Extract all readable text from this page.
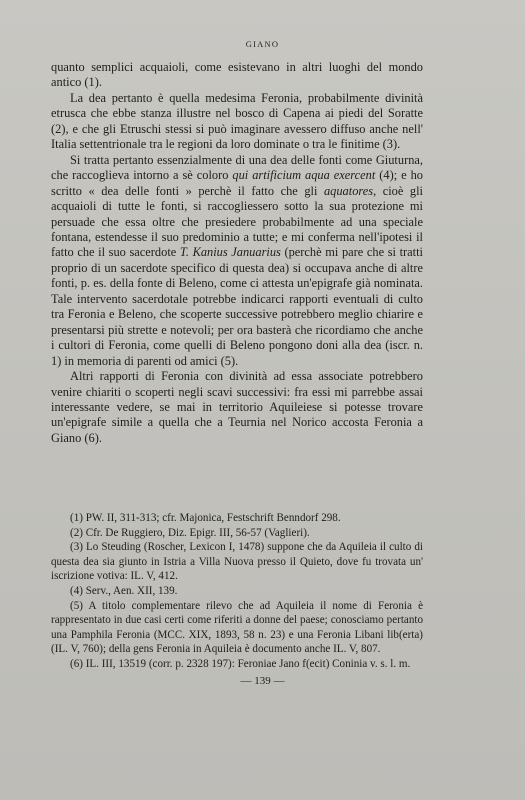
GIANO

quanto semplici acquaioli, come esistevano in altri luoghi del mondo antico (1).

La dea pertanto è quella medesima Feronia, probabilmente divinità etrusca che ebbe stanza illustre nel bosco di Capena ai piedi del Soratte (2), e che gli Etruschi stessi si può imaginare avessero diffuso anche nell' Italia settentrionale tra le regioni da loro dominate o tra le finitime (3).

Si tratta pertanto essenzialmente di una dea delle fonti come Giuturna, che raccoglieva intorno a sè coloro qui artificium aqua exercent (4); e ho scritto « dea delle fonti » perchè il fatto che gli aquatores, cioè gli acquaioli di tutte le fonti, si raccogliessero sotto la sua protezione mi persuade che essa oltre che presiedere probabilmente ad una speciale fontana, estendesse il suo predominio a tutte; e mi conferma nell'ipotesi il fatto che il suo sacerdote T. Kanius Januarius (perchè mi pare che si tratti proprio di un sacerdote specifico di questa dea) si occupava anche di altre fonti, p. es. della fonte di Beleno, come ci attesta un'epigrafe già nominata. Tale intervento sacerdotale potrebbe indicarci rapporti eventuali di culto tra Feronia e Beleno, che scoperte successive potrebbero meglio chiarire e presentarsi più strette e notevoli; per ora basterà che ricordiamo che anche i cultori di Feronia, come quelli di Beleno pongono doni alla dea (iscr. n. 1) in memoria di parenti od amici (5).

Altri rapporti di Feronia con divinità ad essa associate potrebbero venire chiariti o scoperti negli scavi successivi: fra essi mi parrebbe assai interessante vedere, se mai in territorio Aquileiese si potesse trovare un'epigrafe simile a quella che a Teurnia nel Norico accosta Feronia a Giano (6).

(1) PW. II, 311-313; cfr. Majonica, Festschrift Benndorf 298.

(2) Cfr. De Ruggiero, Diz. Epigr. III, 56-57 (Vaglieri).

(3) Lo Steuding (Roscher, Lexicon I, 1478) suppone che da Aquileia il culto di questa dea sia giunto in Istria a Villa Nuova presso il Quieto, dove fu trovata un' iscrizione votiva: IL. V, 412.

(4) Serv., Aen. XII, 139.

(5) A titolo complementare rilevo che ad Aquileia il nome di Feronia è rappresentato in due casi certi come riferiti a donne del paese; conosciamo pertanto una Pamphila Feronia (MCC. XIX, 1893, 58 n. 23) e una Feronia Libani lib(erta) (IL. V, 760); della gens Feronia in Aquileia è documento anche IL. V, 807.

(6) IL. III, 13519 (corr. p. 2328 197): Feroniae Jano f(ecit) Coninia v. s. l. m.

— 139 —
